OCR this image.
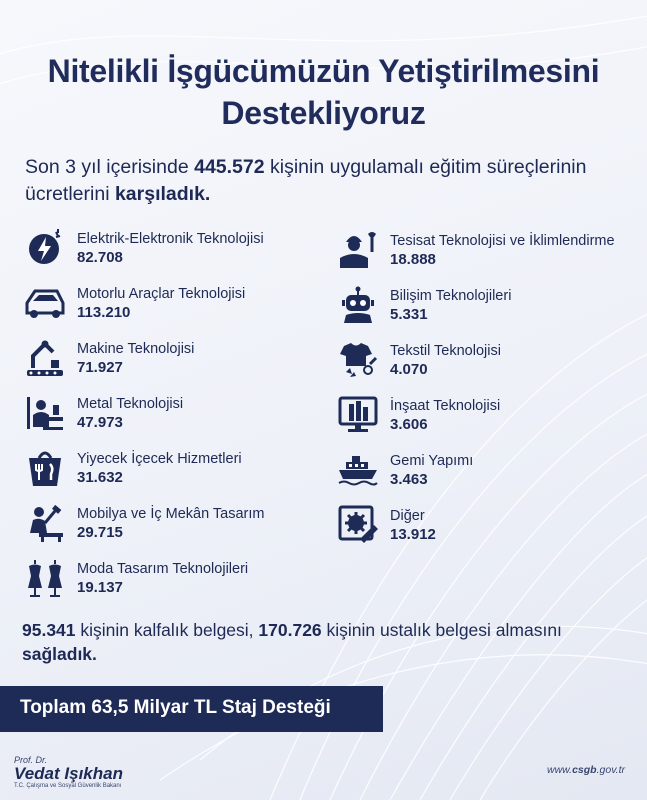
Nitelikli İşgücümüzün Yetiştirilmesini
Destekliyoruz
Son 3 yıl içerisinde 445.572 kişinin uygulamalı eğitim süreçlerinin ücretlerini karşıladık.
Elektrik-Elektronik Teknolojisi
82.708
Motorlu Araçlar Teknolojisi
113.210
Makine Teknolojisi
71.927
Metal Teknolojisi
47.973
Yiyecek İçecek Hizmetleri
31.632
Mobilya ve İç Mekân Tasarım
29.715
Moda Tasarım Teknolojileri
19.137
Tesisat Teknolojisi ve İklimlendirme
18.888
Bilişim Teknolojileri
5.331
Tekstil Teknolojisi
4.070
İnşaat Teknolojisi
3.606
Gemi Yapımı
3.463
Diğer
13.912
95.341 kişinin kalfalık belgesi, 170.726 kişinin ustalık belgesi almasını sağladık.
Toplam 63,5 Milyar TL Staj Desteği
Prof. Dr.
Vedat Işıkhan
T.C. Çalışma ve Sosyal Güvenlik Bakanı
www.csgb.gov.tr
